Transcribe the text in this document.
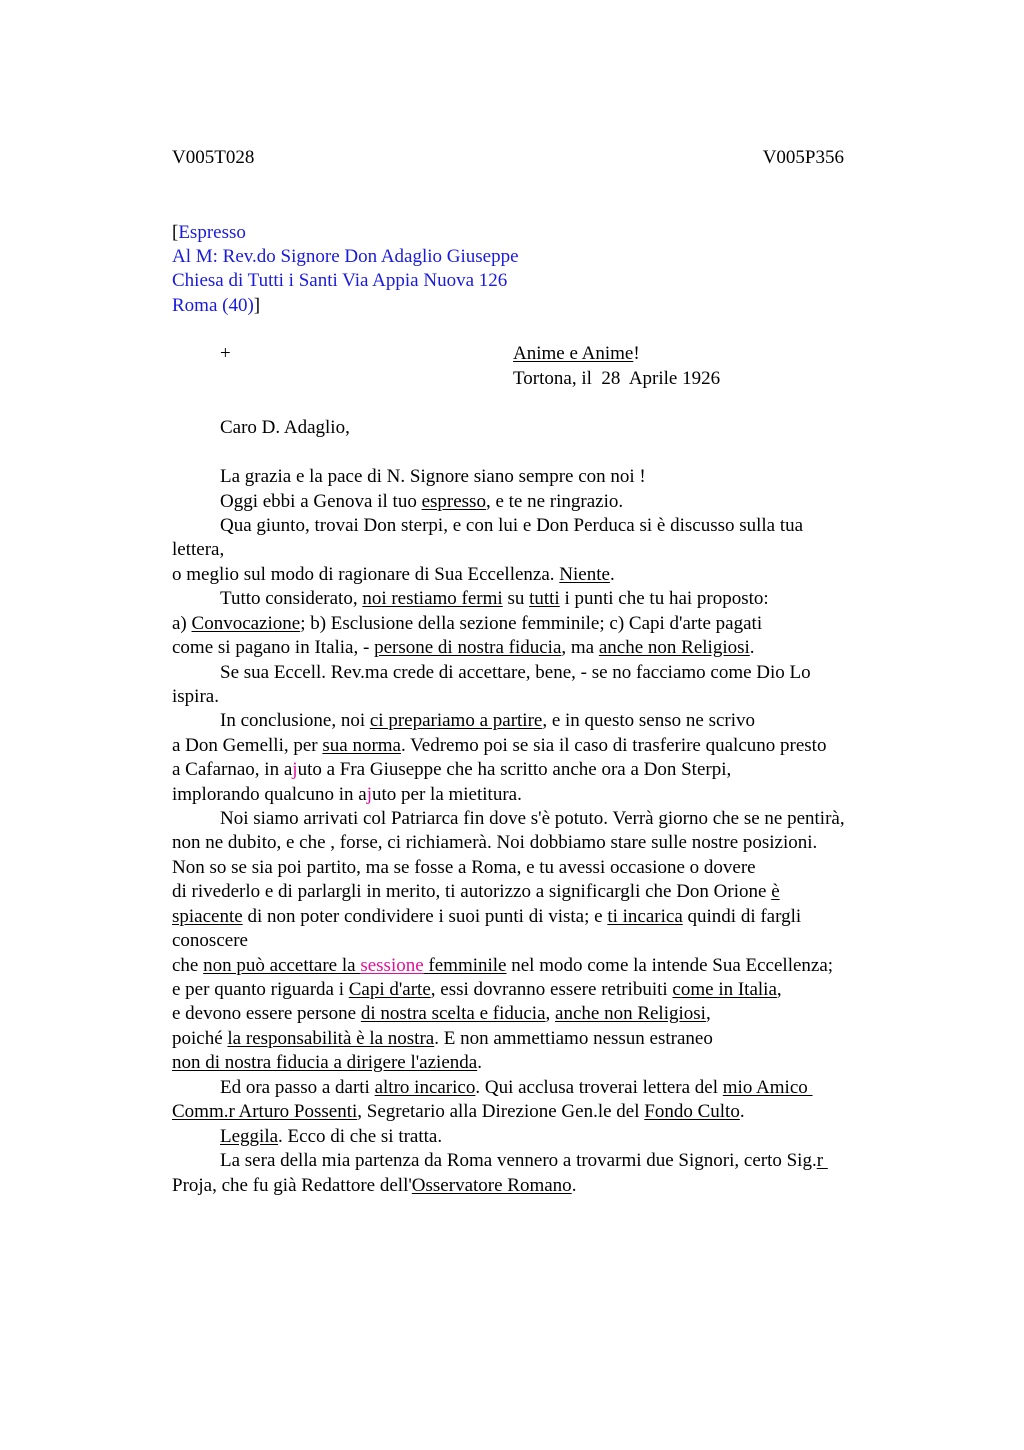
V005T028	V005P356
[Espresso
Al M: Rev.do Signore Don Adaglio Giuseppe
Chiesa di Tutti i Santi Via Appia Nuova 126
Roma (40)]
+	Anime e Anime!
Tortona, il  28  Aprile 1926
Caro D. Adaglio,
La grazia e la pace di N. Signore siano sempre con noi !
Oggi ebbi a Genova il tuo espresso, e te ne ringrazio.
Qua giunto, trovai Don sterpi, e con lui e Don Perduca si è discusso sulla tua
lettera,
o meglio sul modo di ragionare di Sua Eccellenza. Niente.
Tutto considerato, noi restiamo fermi su tutti i punti che tu hai proposto:
a) Convocazione; b) Esclusione della sezione femminile; c) Capi d'arte pagati
come si pagano in Italia, - persone di nostra fiducia, ma anche non Religiosi.
Se sua Eccell. Rev.ma crede di accettare, bene, - se no facciamo come Dio Lo
ispira.
In conclusione, noi ci prepariamo a partire, e in questo senso ne scrivo
a Don Gemelli, per sua norma. Vedremo poi se sia il caso di trasferire qualcuno presto
a Cafarnao, in ajuto a Fra Giuseppe che ha scritto anche ora a Don Sterpi,
implorando qualcuno in ajuto per la mietitura.
Noi siamo arrivati col Patriarca fin dove s'è potuto. Verrà giorno che se ne pentirà,
non ne dubito, e che , forse, ci richiamerà. Noi dobbiamo stare sulle nostre posizioni.
Non so se sia poi partito, ma se fosse a Roma, e tu avessi occasione o dovere
di rivederlo e di parlargli in merito, ti autorizzo a significargli che Don Orione è
spiacente di non poter condividere i suoi punti di vista; e ti incarica quindi di fargli
conoscere
che non può accettare la sessione femminile nel modo come la intende Sua Eccellenza;
e per quanto riguarda i Capi d'arte, essi dovranno essere retribuiti come in Italia,
e devono essere persone di nostra scelta e fiducia, anche non Religiosi,
poiché la responsabilità è la nostra. E non ammettiamo nessun estraneo
non di nostra fiducia a dirigere l'azienda.
Ed ora passo a darti altro incarico. Qui acclusa troverai lettera del mio Amico
Comm.r Arturo Possenti, Segretario alla Direzione Gen.le del Fondo Culto.
Leggila. Ecco di che si tratta.
La sera della mia partenza da Roma vennero a trovarmi due Signori, certo Sig.r
Proja, che fu già Redattore dell'Osservatore Romano.
